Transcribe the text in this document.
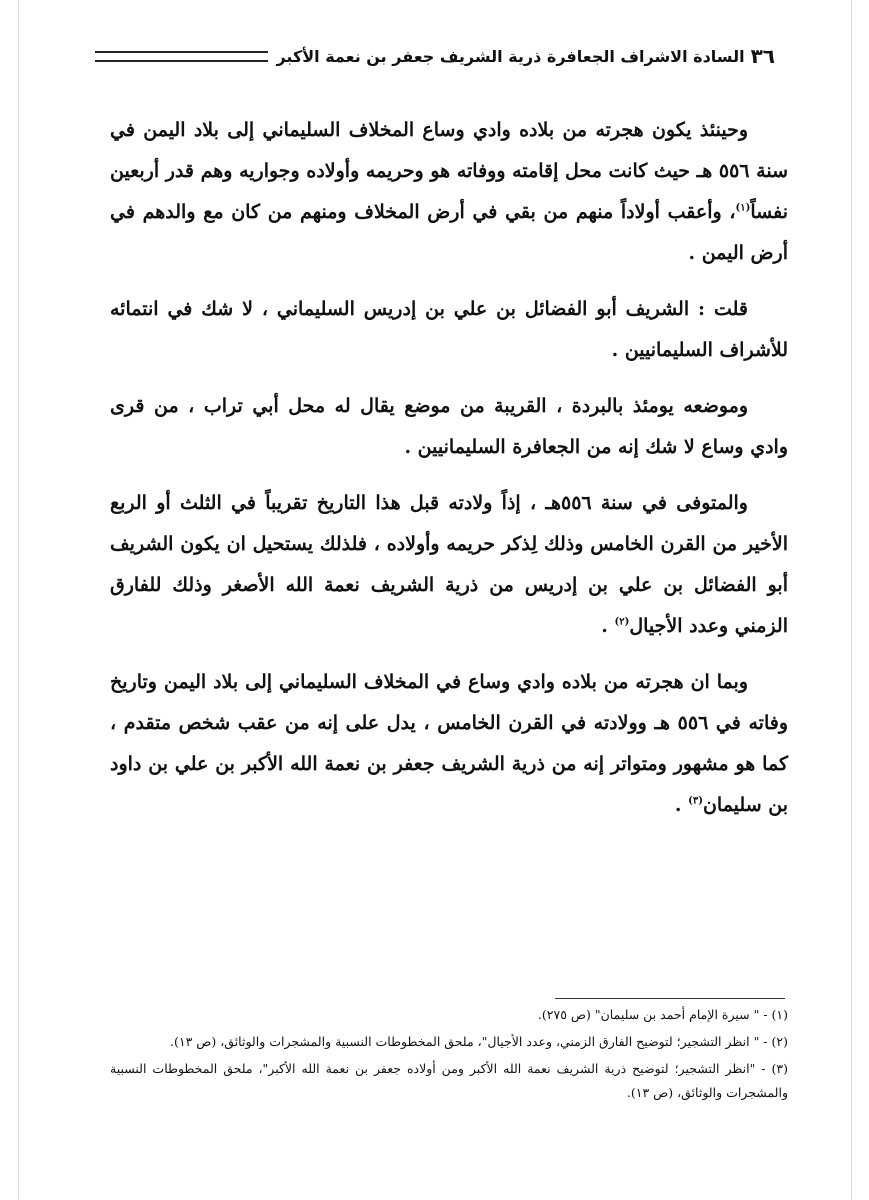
٣٦
السادة الاشراف الجعافرة ذرية الشريف جعفر بن نعمة الأكبر

وحينئذ يكون هجرته من بلاده وادي وساع المخلاف السليماني إلى بلاد اليمن في سنة ٥٥٦ هـ حيث كانت محل إقامته ووفاته هو وحريمه وأولاده وجواريه وهم قدر أربعين نفساً$^{(١)}$، وأعقب أولاداً منهم من بقي في أرض المخلاف ومنهم من كان مع والدهم في أرض اليمن .

قلت : الشريف أبو الفضائل بن علي بن إدريس السليماني ، لا شك في انتمائه للأشراف السليمانيين .

وموضعه يومئذ بالبردة ، القريبة من موضع يقال له محل أبي تراب ، من قرى وادي وساع لا شك إنه من الجعافرة السليمانيين .

والمتوفى في سنة ٥٥٦هـ ، إذاً ولادته قبل هذا التاريخ تقريباً في الثلث أو الربع الأخير من القرن الخامس وذلك لِذكر حريمه وأولاده ، فلذلك يستحيل ان يكون الشريف أبو الفضائل بن علي بن إدريس من ذرية الشريف نعمة الله الأصغر وذلك للفارق الزمني وعدد الأجيال$^{(٢)}$ .

وبما ان هجرته من بلاده وادي وساع في المخلاف السليماني إلى بلاد اليمن وتاريخ وفاته في ٥٥٦ هـ وولادته في القرن الخامس ، يدل على إنه من عقب شخص متقدم ، كما هو مشهور ومتواتر إنه من ذرية الشريف جعفر بن نعمة الله الأكبر بن علي بن داود بن سليمان$^{(٣)}$ .

(١) - " سيرة الإمام أحمد بن سليمان" (ص ٢٧٥).

(٢) - " انظر التشجير؛ لتوضيح الفارق الزمني، وعدد الأجيال"، ملحق المخطوطات النسبية والمشجرات والوثائق، (ص ١٣).

(٣) - "انظر التشجير؛ لتوضيح ذرية الشريف نعمة الله الأكبر ومن أولاده جعفر بن نعمة الله الأكبر"، ملحق المخطوطات النسبية والمشجرات والوثائق، (ص ١٣).
